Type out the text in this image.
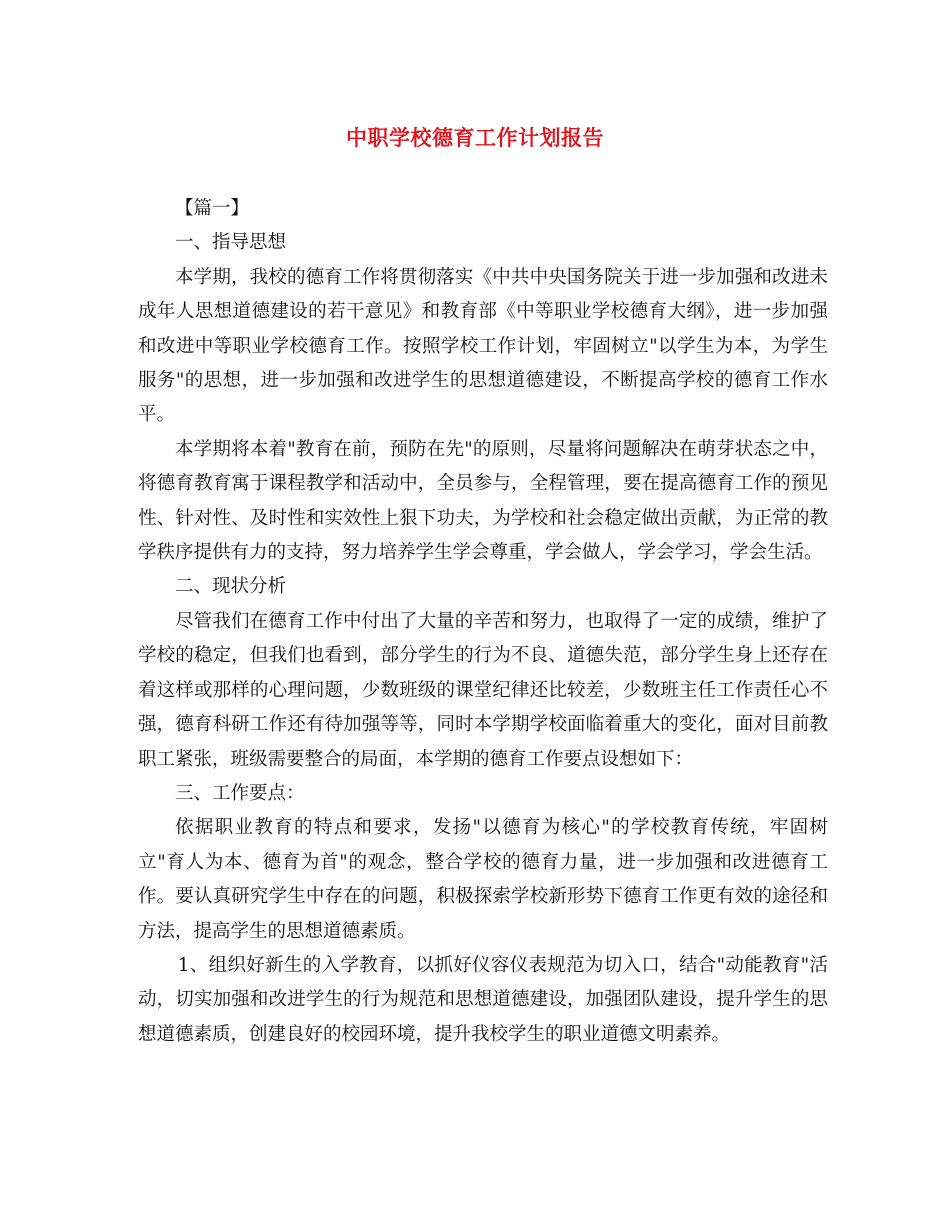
中职学校德育工作计划报告

【篇一】

一、指导思想

本学期，我校的德育工作将贯彻落实《中共中央国务院关于进一步加强和改进未成年人思想道德建设的若干意见》和教育部《中等职业学校德育大纲》，进一步加强和改进中等职业学校德育工作。按照学校工作计划，牢固树立"以学生为本，为学生服务"的思想，进一步加强和改进学生的思想道德建设，不断提高学校的德育工作水平。

本学期将本着"教育在前，预防在先"的原则，尽量将问题解决在萌芽状态之中，将德育教育寓于课程教学和活动中，全员参与，全程管理，要在提高德育工作的预见性、针对性、及时性和实效性上狠下功夫，为学校和社会稳定做出贡献，为正常的教学秩序提供有力的支持，努力培养学生学会尊重，学会做人，学会学习，学会生活。

二、现状分析

尽管我们在德育工作中付出了大量的辛苦和努力，也取得了一定的成绩，维护了学校的稳定，但我们也看到，部分学生的行为不良、道德失范，部分学生身上还存在着这样或那样的心理问题，少数班级的课堂纪律还比较差，少数班主任工作责任心不强，德育科研工作还有待加强等等，同时本学期学校面临着重大的变化，面对目前教职工紧张，班级需要整合的局面，本学期的德育工作要点设想如下：

三、工作要点：

依据职业教育的特点和要求，发扬"以德育为核心"的学校教育传统，牢固树立"育人为本、德育为首"的观念，整合学校的德育力量，进一步加强和改进德育工作。要认真研究学生中存在的问题，积极探索学校新形势下德育工作更有效的途径和方法，提高学生的思想道德素质。

1、组织好新生的入学教育，以抓好仪容仪表规范为切入口，结合"动能教育"活动，切实加强和改进学生的行为规范和思想道德建设，加强团队建设，提升学生的思想道德素质，创建良好的校园环境，提升我校学生的职业道德文明素养。
